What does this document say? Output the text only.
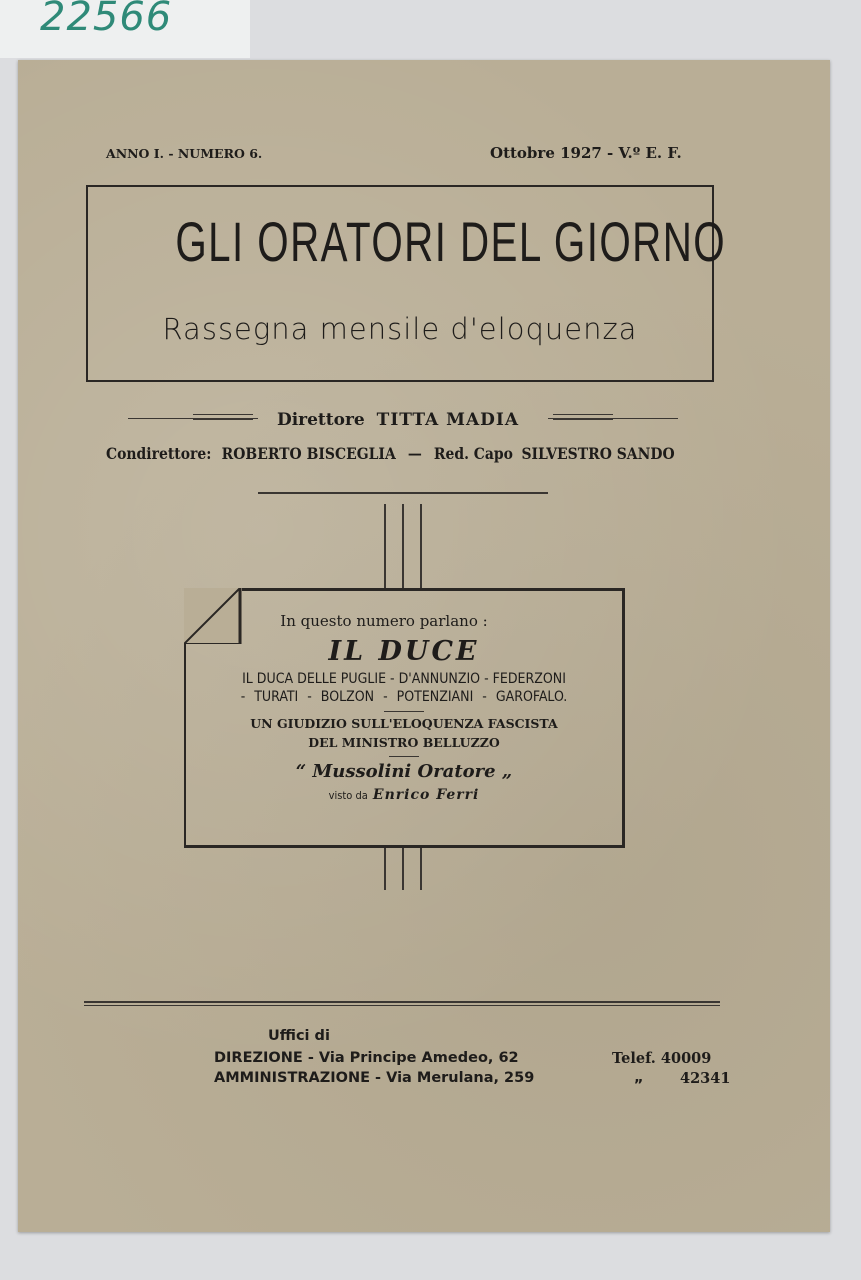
22566
ANNO I. - NUMERO 6.	Ottobre 1927 - V.º E. F.
GLI ORATORI DEL GIORNO
Rassegna mensile d'eloquenza
Direttore TITTA MADIA
Condirettore: ROBERTO BISCEGLIA — Red. Capo SILVESTRO SANDO
In questo numero parlano :
IL DUCE
IL DUCA DELLE PUGLIE - D'ANNUNZIO - FEDERZONI
- TURATI - BOLZON - POTENZIANI - GAROFALO.
UN GIUDIZIO SULL'ELOQUENZA FASCISTA
DEL MINISTRO BELLUZZO
“ Mussolini Oratore „
visto da Enrico Ferri
Uffici di
DIREZIONE - Via Principe Amedeo, 62	Telef. 40009
AMMINISTRAZIONE - Via Merulana, 259	„	42341
